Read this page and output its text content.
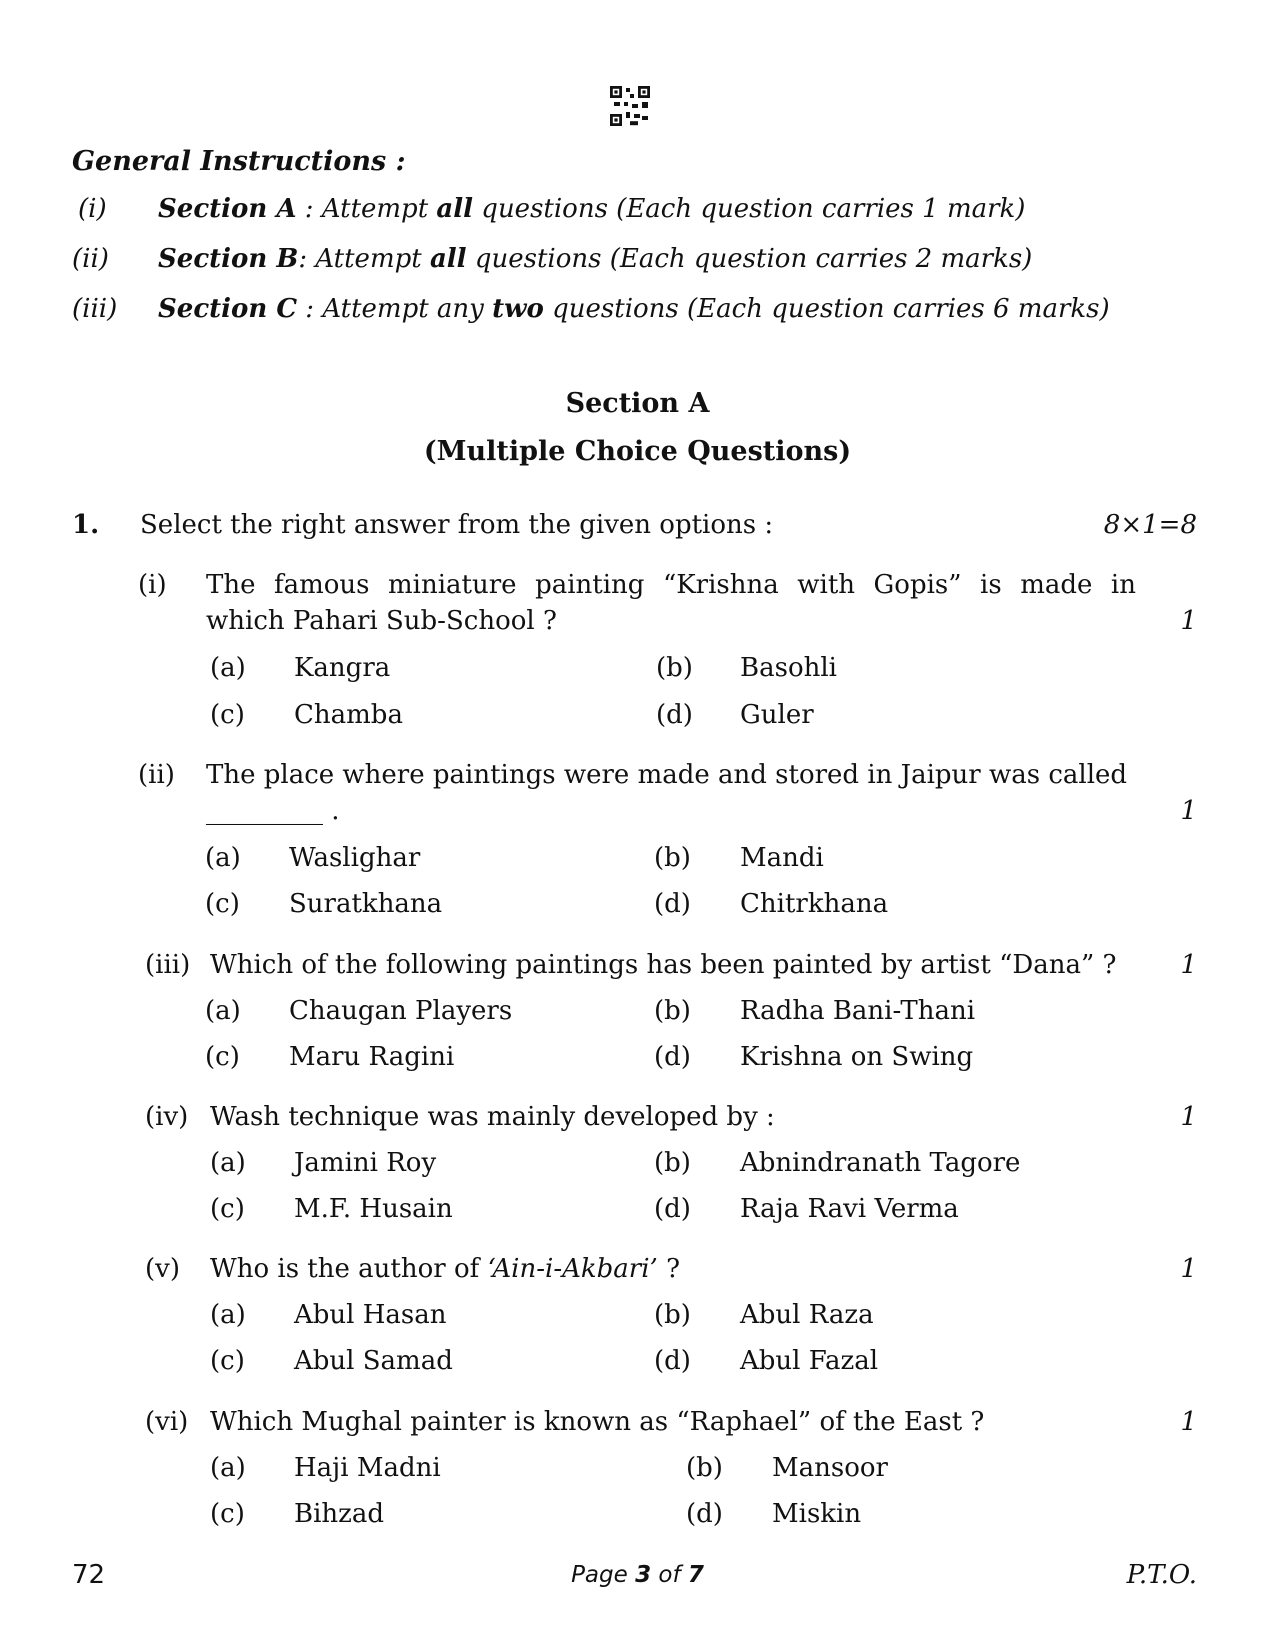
General Instructions :
(i) Section A : Attempt all questions (Each question carries 1 mark)
(ii) Section B: Attempt all questions (Each question carries 2 marks)
(iii) Section C : Attempt any two questions (Each question carries 6 marks)
Section A
(Multiple Choice Questions)
1. Select the right answer from the given options :	8×1=8
(i) The famous miniature painting “Krishna with Gopis” is made in
which Pahari Sub-School ?	1
(a) Kangra	(b) Basohli
(c) Chamba	(d) Guler
(ii) The place where paintings were made and stored in Jaipur was called
_________ .	1
(a) Waslighar	(b) Mandi
(c) Suratkhana	(d) Chitrkhana
(iii) Which of the following paintings has been painted by artist “Dana” ? 1
(a) Chaugan Players	(b) Radha Bani-Thani
(c) Maru Ragini	(d) Krishna on Swing
(iv) Wash technique was mainly developed by :	1
(a) Jamini Roy	(b) Abnindranath Tagore
(c) M.F. Husain	(d) Raja Ravi Verma
(v) Who is the author of ‘Ain-i-Akbari’ ?	1
(a) Abul Hasan	(b) Abul Raza
(c) Abul Samad	(d) Abul Fazal
(vi) Which Mughal painter is known as “Raphael” of the East ?	1
(a) Haji Madni	(b) Mansoor
(c) Bihzad	(d) Miskin
72	Page 3 of 7	P.T.O.
